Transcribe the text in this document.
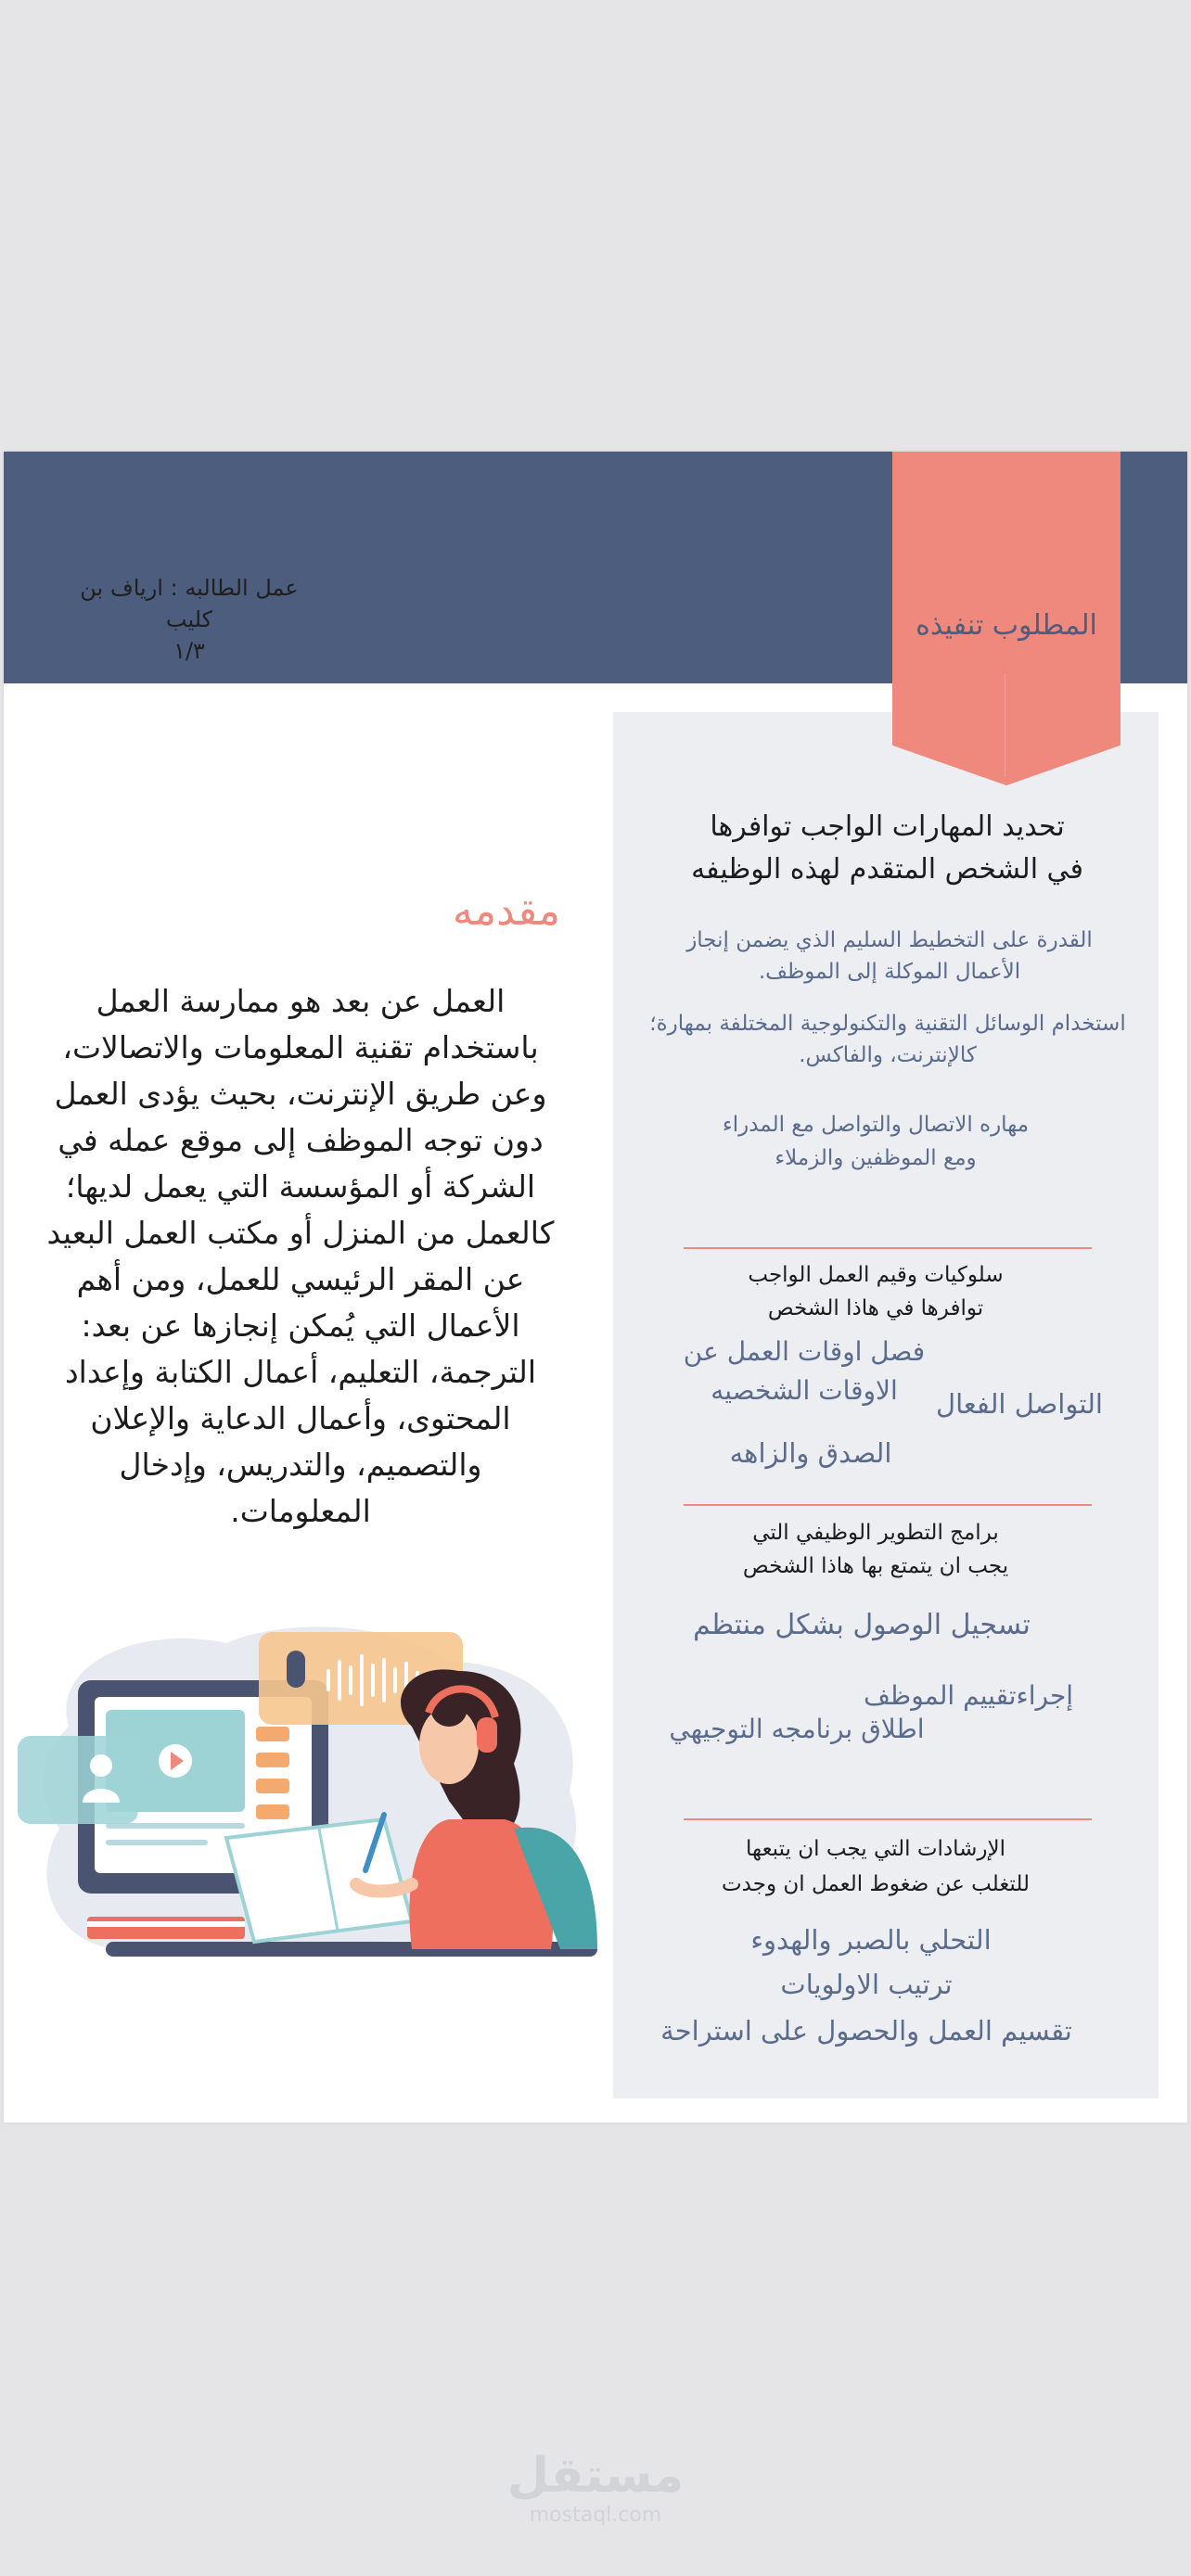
عمل الطالبه : ارياف بن كليب
١/٣
المطلوب تنفيذه
تحديد المهارات الواجب توافرها
في الشخص المتقدم لهذه الوظيفه
القدرة على التخطيط السليم الذي يضمن إنجاز
الأعمال الموكلة إلى الموظف.
استخدام الوسائل التقنية والتكنولوجية المختلفة بمهارة؛
كالإنترنت، والفاكس.
مهاره الاتصال والتواصل مع المدراء
ومع الموظفين والزملاء
سلوكيات وقيم العمل الواجب
توافرها في هاذا الشخص
فصل اوقات العمل عن
الاوقات الشخصيه	التواصل الفعال
الصدق والزاهه
برامج التطوير الوظيفي التي
يجب ان يتمتع بها هاذا الشخص
تسجيل الوصول بشكل منتظم
إجراءتقييم الموظف
اطلاق برنامجه التوجيهي
الإرشادات التي يجب ان يتبعها
للتغلب عن ضغوط العمل ان وجدت
التحلي بالصبر والهدوء
ترتيب الاولويات
تقسيم العمل والحصول على استراحة
مقدمه
العمل عن بعد هو ممارسة العمل
باستخدام تقنية المعلومات والاتصالات،
وعن طريق الإنترنت، بحيث يؤدى العمل
دون توجه الموظف إلى موقع عمله في
الشركة أو المؤسسة التي يعمل لديها؛
كالعمل من المنزل أو مكتب العمل البعيد
عن المقر الرئيسي للعمل، ومن أهم
الأعمال التي يُمكن إنجازها عن بعد:
الترجمة، التعليم، أعمال الكتابة وإعداد
المحتوى، وأعمال الدعاية والإعلان
والتصميم، والتدريس، وإدخال
المعلومات.
مستقل
mostaql.com
